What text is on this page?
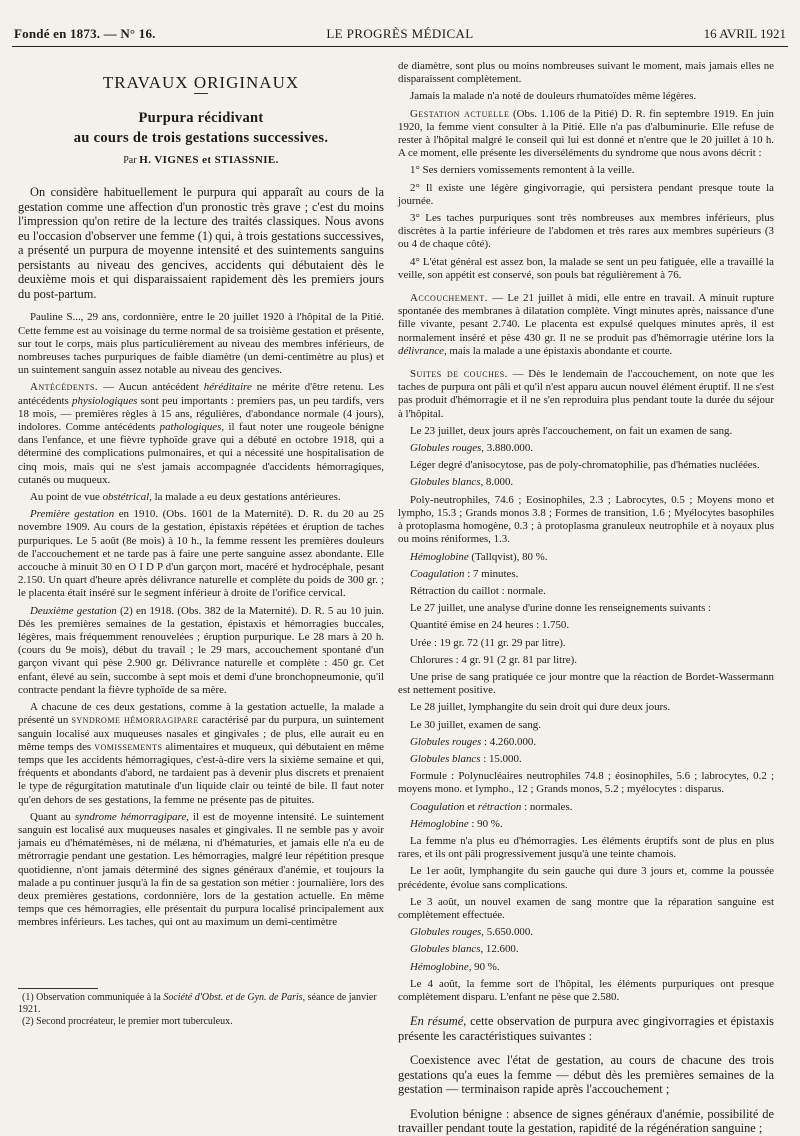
Fondé en 1873. — N° 16.	LE PROGRÈS MÉDICAL	16 AVRIL 1921
TRAVAUX ORIGINAUX
Purpura récidivant
au cours de trois gestations successives.
Par H. VIGNES et STIASSNIE.

On considère habituellement le purpura qui apparaît au cours de la gestation comme une affection d'un pronostic très grave ; c'est du moins l'impression qu'on retire de la lecture des traités classiques. Nous avons eu l'occasion d'observer une femme (1) qui, à trois gestations successives, a présenté un purpura de moyenne intensité et des suintements sanguins persistants au niveau des gencives, accidents qui débutaient dès le deuxième mois et qui disparaissaient rapidement dès les premiers jours du post-partum.

Pauline S..., 29 ans, cordonnière, entre le 20 juillet 1920 à l'hôpital de la Pitié. Cette femme est au voisinage du terme normal de sa troisième gestation et présente, sur tout le corps, mais plus particulièrement au niveau des membres inférieurs, de nombreuses taches purpuriques de faible diamètre (un demi-centimètre au plus) et un suintement sanguin assez notable au niveau des gencives.

Antécédents. — Aucun antécédent héréditaire ne mérite d'être retenu. Les antécédents physiologiques sont peu importants : premiers pas, un peu tardifs, vers 18 mois, — premières règles à 15 ans, régulières, d'abondance normale (4 jours), indolores. Comme antécédents pathologiques, il faut noter une rougeole bénigne dans l'enfance, et une fièvre typhoïde grave qui a débuté en octobre 1918, qui a déterminé des complications pulmonaires, et qui a nécessité une hospitalisation de cinq mois, mais qui ne s'est jamais accompagnée d'accidents hémorragiques, cutanés ou muqueux.

Au point de vue obstétrical, la malade a eu deux gestations antérieures.

Première gestation en 1910. (Obs. 1601 de la Maternité). D. R. du 20 au 25 novembre 1909. Au cours de la gestation, épistaxis répétées et éruption de taches purpuriques. Le 5 août (8e mois) à 10 h., la femme ressent les premières douleurs de l'accouchement et ne tarde pas à faire une perte sanguine assez abondante. Elle accouche à minuit 30 en O I D P d'un garçon mort, macéré et hydrocéphale, pesant 2.150. Un quart d'heure après délivrance naturelle et complète du poids de 300 gr. ; le placenta était inséré sur le segment inférieur à droite de l'orifice cervical.

Deuxième gestation (2) en 1918. (Obs. 382 de la Maternité). D. R. 5 au 10 juin. Dès les premières semaines de la gestation, épistaxis et hémorragies buccales, légères, mais fréquemment renouvelées ; éruption purpurique. Le 28 mars à 20 h. (cours du 9e mois), début du travail ; le 29 mars, accouchement spontané d'un garçon vivant qui pèse 2.900 gr. Délivrance naturelle et complète : 450 gr. Cet enfant, élevé au sein, succombe à sept mois et demi d'une bronchopneumonie, qu'il contracte pendant la fièvre typhoïde de sa mère.

A chacune de ces deux gestations, comme à la gestation actuelle, la malade a présenté un syndrome hémorragipare caractérisé par du purpura, un suintement sanguin localisé aux muqueuses nasales et gingivales ; de plus, elle aurait eu en même temps des vomissements alimentaires et muqueux, qui débutaient en même temps que les accidents hémorragiques, c'est-à-dire vers la sixième semaine et qui, fréquents et abondants d'abord, ne tardaient pas à devenir plus discrets et prenaient le type de régurgitation matutinale d'un liquide clair ou teinté de bile. Il faut noter qu'en dehors de ses gestations, la femme ne présente pas de pituites.

Quant au syndrome hémorragipare, il est de moyenne intensité. Le suintement sanguin est localisé aux muqueuses nasales et gingivales. Il ne semble pas y avoir jamais eu d'hématémèses, ni de mélæna, ni d'hématuries, et jamais elle n'a eu de métrorragie pendant une gestation. Les hémorragies, malgré leur répétition presque quotidienne, n'ont jamais déterminé des signes généraux d'anémie, et toujours la malade a pu continuer jusqu'à la fin de sa gestation son métier : journalière, lors des deux premières gestations, cordonnière, lors de la gestation actuelle. En même temps que ces hémorragies, elle présentait du purpura localisé principalement aux membres inférieurs. Les taches, qui ont au maximum un demi-centimètre

(1) Observation communiquée à la Société d'Obst. et de Gyn. de Paris, séance de janvier 1921.
(2) Second procréateur, le premier mort tuberculeux.

de diamètre, sont plus ou moins nombreuses suivant le moment, mais jamais elles ne disparaissent complètement.

Jamais la malade n'a noté de douleurs rhumatoïdes même légères.

Gestation actuelle (Obs. 1.106 de la Pitié) D. R. fin septembre 1919. En juin 1920, la femme vient consulter à la Pitié. Elle n'a pas d'albuminurie. Elle refuse de rester à l'hôpital malgré le conseil qui lui est donné et n'entre que le 20 juillet à 10 h. A ce moment, elle présente les diverséléments du syndrome que nous avons décrit :

1° Ses derniers vomissements remontent à la veille.

2° Il existe une légère gingivorragie, qui persistera pendant presque toute la journée.

3° Les taches purpuriques sont très nombreuses aux membres inférieurs, plus discrètes à la partie inférieure de l'abdomen et très rares aux membres supérieurs (3 ou 4 de chaque côté).

4° L'état général est assez bon, la malade se sent un peu fatiguée, elle a travaillé la veille, son appétit est conservé, son pouls bat régulièrement à 76.

Accouchement. — Le 21 juillet à midi, elle entre en travail. A minuit rupture spontanée des membranes à dilatation complète. Vingt minutes après, naissance d'une fille vivante, pesant 2.740. Le placenta est expulsé quelques minutes après, il est normalement inséré et pèse 430 gr. Il ne se produit pas d'hémorragie utérine lors la délivrance, mais la malade a une épistaxis abondante et courte.

Suites de couches. — Dès le lendemain de l'accouchement, on note que les taches de purpura ont pâli et qu'il n'est apparu aucun nouvel élément éruptif. Il ne s'est pas produit d'hémorragie et il ne s'en reproduira plus pendant toute la durée du séjour à l'hôpital.

Le 23 juillet, deux jours après l'accouchement, on fait un examen de sang.

Globules rouges, 3.880.000.

Léger degré d'anisocytose, pas de poly-chromatophilie, pas d'hématies nucléées.

Globules blancs, 8.000.

Poly-neutrophiles, 74.6 ; Eosinophiles, 2.3 ; Labrocytes, 0.5 ; Moyens mono et lympho, 15.3 ; Grands monos 3.8 ; Formes de transition, 1.6 ; Myélocytes basophiles à protoplasma homogène, 0.3 ; à protoplasma granuleux neutrophile et à noyaux plus ou moins réniformes, 1.3.

Hémoglobine (Tallqvist), 80 %.

Coagulation : 7 minutes.

Rétraction du caillot : normale.

Le 27 juillet, une analyse d'urine donne les renseignements suivants :

Quantité émise en 24 heures : 1.750.

Urée : 19 gr. 72 (11 gr. 29 par litre).

Chlorures : 4 gr. 91 (2 gr. 81 par litre).

Une prise de sang pratiquée ce jour montre que la réaction de Bordet-Wassermann est nettement positive.

Le 28 juillet, lymphangite du sein droit qui dure deux jours.

Le 30 juillet, examen de sang.

Globules rouges : 4.260.000.

Globules blancs : 15.000.

Formule : Polynucléaires neutrophiles 74.8 ; éosinophiles, 5.6 ; labrocytes, 0.2 ; moyens mono. et lympho., 12 ; Grands monos, 5.2 ; myélocytes : disparus.

Coagulation et rétraction : normales.

Hémoglobine : 90 %.

La femme n'a plus eu d'hémorragies. Les éléments éruptifs sont de plus en plus rares, et ils ont pâli progressivement jusqu'à une teinte chamois.

Le 1er août, lymphangite du sein gauche qui dure 3 jours et, comme la poussée précédente, évolue sans complications.

Le 3 août, un nouvel examen de sang montre que la réparation sanguine est complètement effectuée.

Globules rouges, 5.650.000.

Globules blancs, 12.600.

Hémoglobine, 90 %.

Le 4 août, la femme sort de l'hôpital, les éléments purpuriques ont presque complètement disparu. L'enfant ne pèse que 2.580.

En résumé, cette observation de purpura avec gingivorragies et épistaxis présente les caractéristiques suivantes :

Coexistence avec l'état de gestation, au cours de chacune des trois gestations qu'a eues la femme — début dès les premières semaines de la gestation — terminaison rapide après l'accouchement ;

Evolution bénigne : absence de signes généraux d'anémie, possibilité de travailler pendant toute la gestation, rapidité de la régénération sanguine ;
